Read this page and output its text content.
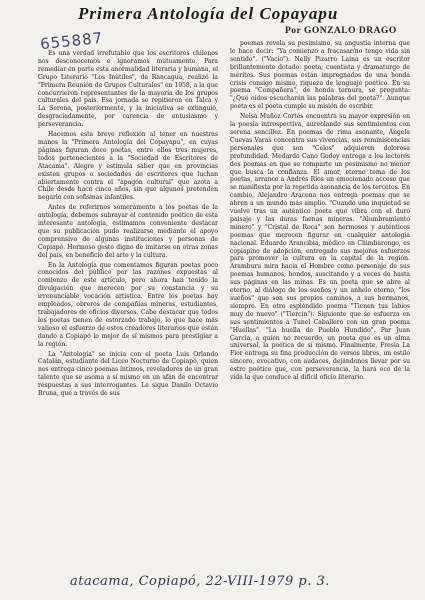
Primera Antología del Copayapu
655887	Por GONZALO DRAGO

Es una verdad irrefutable que los escritores chilenos nos desconocemos e ignoramos mutuamente. Para remediar en parte esta anormalidad literaria y humana, el Grupo Literario "Los Inútiles", de Rancagua, realizó la "Primera Reunión de Grupos Culturales" en 1958, a la que concurrieron representantes de la mayoría de los grupos culturales del país. Esa jornada se repitieron en Talca y La Serena, posteriormente, y la iniciativa se extinguió, desgraciadamente, por carencia de entusiasmo y perseverancia.

Hacemos esta breve reflexión al tener en nuestras manos la "Primera Antología del Copayapu", en cuyas páginas figuran doce poetas, entre ellos tres mujeres, todos pertenecientes a la "Sociedad de Escritores de Atacama". Alegre y estimula saber que en provincias existen grupos o sociedades de escritores que luchan abiertamente contra el "apagón cultural" que azota a Chile desde hace cinco años, sin que algunos pretenden negarlo con sofismas infantiles.

Antes de referirnos someramente a los poetas de la antología, debemos subrayar el contenido poético de esta interesante antología, estimamos conveniente destacar que su publicación pudo realizarse mediante el apoyo comprensivo de algunas instituciones y personas de Copiapó. Hermoso gesto digno de imitarse en otras zonas del país, en beneficio del arte y la cultura.

En la Antología que comentamos figuran poetas poco conocidos del público por las razones expuestas al comienzo de este artículo, pero ahora han tenido la divulgación que merecen por su constancia y su irrenunciable vocación artística. Entre los poetas hay empleados, obreros de compañías mineras, estudiantes, trabajadores de oficios diversos. Cabe destacar que todos los poetas tienen de estorzado trabajo, lo que hace más valioso el esfuerzo de estos creadores literarios que están dando a Copiapó lo mejor de sí mismos para prestigiar a la región.

La "Antología" se inicia con el poeta Luis Orlando Catalán, estudiante del Liceo Nocturno de Copiapó, quien nos entrega cinco poemas íntimos, reveladores de un gran talento que se asoma a sí mismo en un afán de encontrar respuestas a sus interrogantes. Le sigue Danilo Octavio Bruna, que a través de sus

poemas revela su pesimismo, su angustia interna que lo hace decir: "Ya comienzo a fracasar/no tengo vida sin sentido". ("Vacío"). Nelly Pizarro Laina es un escritor brillantemente dotado: poeta, cuentista y dramaturgo de méritos. Sus poemas están impregnados de una honda crisis consigo mismo, riqueza de lenguaje poético. En su poema "Compañera", de honda ternura, se pregunta: "¿Qué oídos escucharán las palabras del poeta?". Aunque poeta es el poeta cumple su misión de escribir.

Nelsa Muñoz Cortés encuentra su mayor expresión en la poesía introspectiva, aureolando sus sentimientos con serena sencillez. En poemas de rima asonante, Ángela Cuevas Varas concentra sus vivencias, sus reminiscencias personales que son "Celos" adquieren dolorosa profundidad. Medardo Cano Godoy entrega a los lectores dos poemas en que se comparte un pesimismo no menor que busca la confianza. El amor, eterno tema de los poetas, arrance a Andrés Ríos un emocionado acceso que se manifiesta por la repetida asonancia de los tercetos. En cambio, Alejandro Aracena nos entrega poemas que se abren a un mundo más amplio. "Cuando una inquietud se vuelve tras un auténtico poeta que vibra con el duro paisaje y las duras faenas mineras. "Alumbramiento minero" y "Cristal de Roca" son hermosos y auténticos poemas que merecen figurar en cualquier antología nacional. Eduardo Arancibia, médico en Chimbarongo, es copiapino de adopción, entregado sus mejores esfuerzos para promover la cultura en la capital de la región. Aramburu mira hacia el Hombre como personaje de sus poemas humanos, hondos, suscitando y a veces de hasta sus páginas en las minas. Es un poeta que se abre al eterno, al diálogo de los sueños y un anhelo eterno, "los sueños" que son sus propios caminos, a sus hermanos, siempre. En otro espléndido poema "Tienen tus labios muy de nuevo" ("Tiercin"). Siguiente que se esfuerza en sus sentimientos a Tunel Caballero con un gran poema "Huellas". "La huella de Pueblo Hundido". Par Juan Garcia, a quien no recuerdo, un poeta que es un alma universal, la poética de sí mismo. Finalmente, Fresia La Flor entrega su fina producción de versos libres, un estilo sincero, evocativo, con audaces, dejándonos llevar por su estro poético que, con perseverancia, la hará eco de la vida la que conduce al difícil oficio literario.

atacama, Copiapó, 22-VIII-1979 p. 3.
